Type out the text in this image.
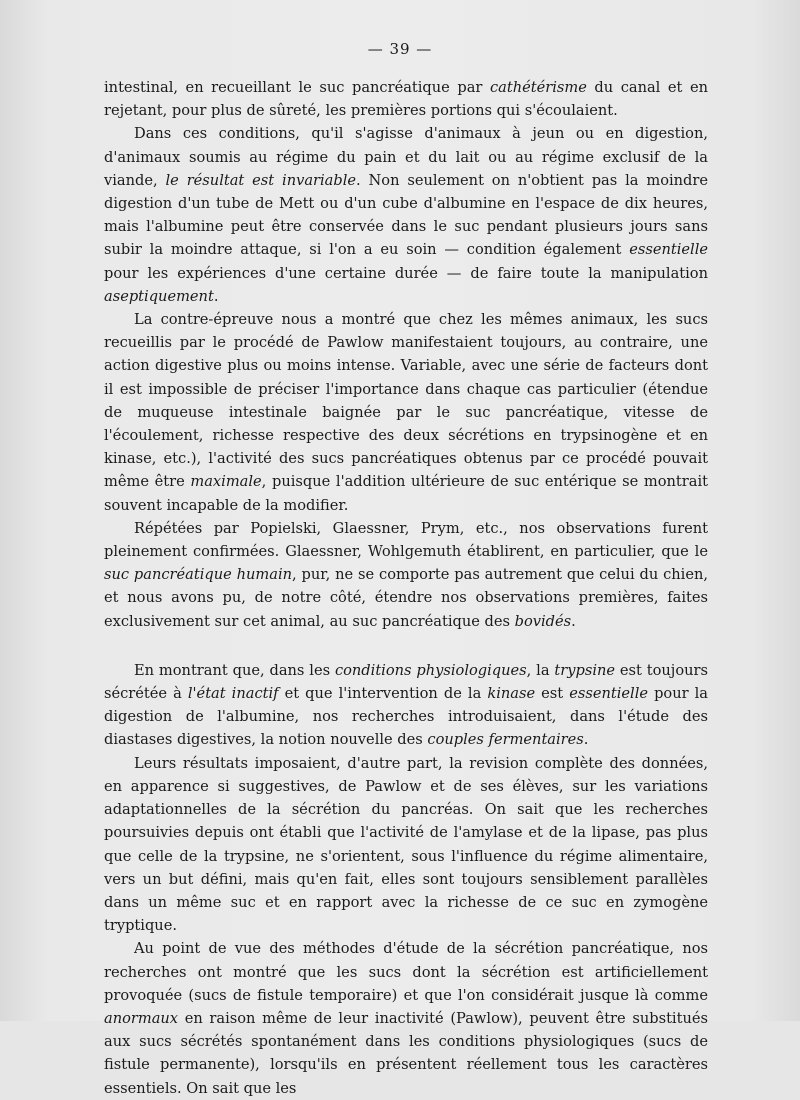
— 39 —

intestinal, en recueillant le suc pancréatique par cathétérisme du canal et en rejetant, pour plus de sûreté, les premières portions qui s'écoulaient.

Dans ces conditions, qu'il s'agisse d'animaux à jeun ou en digestion, d'animaux soumis au régime du pain et du lait ou au régime exclusif de la viande, le résultat est invariable. Non seulement on n'obtient pas la moindre digestion d'un tube de Mett ou d'un cube d'albumine en l'espace de dix heures, mais l'albumine peut être conservée dans le suc pendant plusieurs jours sans subir la moindre attaque, si l'on a eu soin — condition également essentielle pour les expériences d'une certaine durée — de faire toute la manipulation aseptiquement.

La contre-épreuve nous a montré que chez les mêmes animaux, les sucs recueillis par le procédé de Pawlow manifestaient toujours, au contraire, une action digestive plus ou moins intense. Variable, avec une série de facteurs dont il est impossible de préciser l'importance dans chaque cas particulier (étendue de muqueuse intestinale baignée par le suc pancréatique, vitesse de l'écoulement, richesse respective des deux sécrétions en trypsinogène et en kinase, etc.), l'activité des sucs pancréatiques obtenus par ce procédé pouvait même être maximale, puisque l'addition ultérieure de suc entérique se montrait souvent incapable de la modifier.

Répétées par Popielski, Glaessner, Prym, etc., nos observations furent pleinement confirmées. Glaessner, Wohlgemuth établirent, en particulier, que le suc pancréatique humain, pur, ne se comporte pas autrement que celui du chien, et nous avons pu, de notre côté, étendre nos observations premières, faites exclusivement sur cet animal, au suc pancréatique des bovidés.

En montrant que, dans les conditions physiologiques, la trypsine est toujours sécrétée à l'état inactif et que l'intervention de la kinase est essentielle pour la digestion de l'albumine, nos recherches introduisaient, dans l'étude des diastases digestives, la notion nouvelle des couples fermentaires.

Leurs résultats imposaient, d'autre part, la revision complète des données, en apparence si suggestives, de Pawlow et de ses élèves, sur les variations adaptationnelles de la sécrétion du pancréas. On sait que les recherches poursuivies depuis ont établi que l'activité de l'amylase et de la lipase, pas plus que celle de la trypsine, ne s'orientent, sous l'influence du régime alimentaire, vers un but défini, mais qu'en fait, elles sont toujours sensiblement parallèles dans un même suc et en rapport avec la richesse de ce suc en zymogène tryptique.

Au point de vue des méthodes d'étude de la sécrétion pancréatique, nos recherches ont montré que les sucs dont la sécrétion est artificiellement provoquée (sucs de fistule temporaire) et que l'on considérait jusque là comme anormaux en raison même de leur inactivité (Pawlow), peuvent être substitués aux sucs sécrétés spontanément dans les conditions physiologiques (sucs de fistule permanente), lorsqu'ils en présentent réellement tous les caractères essentiels. On sait que les
